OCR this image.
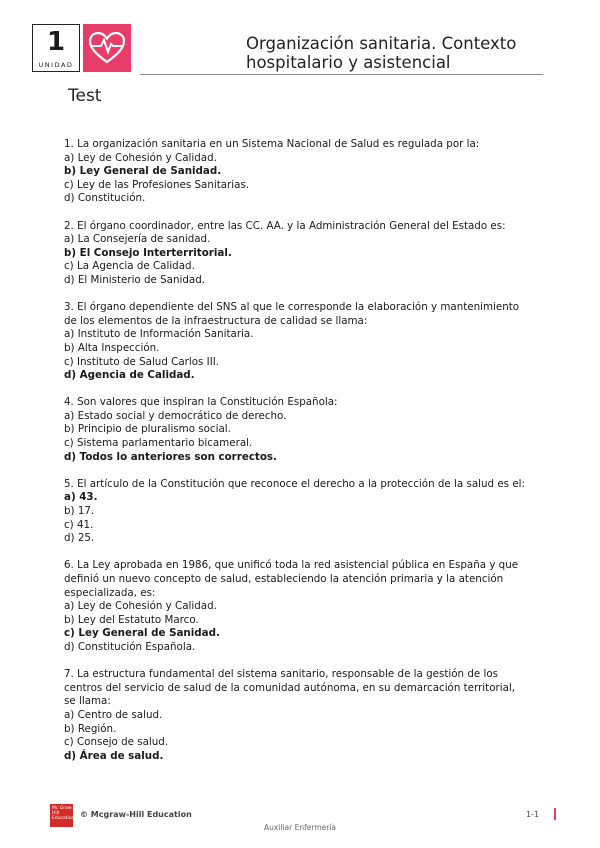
1
UNIDAD
Organización sanitaria. Contexto
hospitalario y asistencial
Test
1. La organización sanitaria en un Sistema Nacional de Salud es regulada por la:
a) Ley de Cohesión y Calidad.
b) Ley General de Sanidad.
c) Ley de las Profesiones Sanitarias.
d) Constitución.
2. El órgano coordinador, entre las CC. AA. y la Administración General del Estado es:
a) La Consejería de sanidad.
b) El Consejo Interterritorial.
c) La Agencia de Calidad.
d) El Ministerio de Sanidad.
3. El órgano dependiente del SNS al que le corresponde la elaboración y mantenimiento
de los elementos de la infraestructura de calidad se llama:
a) Instituto de Información Sanitaria.
b) Alta Inspección.
c) Instituto de Salud Carlos III.
d) Agencia de Calidad.
4. Son valores que inspiran la Constitución Española:
a) Estado social y democrático de derecho.
b) Principio de pluralismo social.
c) Sistema parlamentario bicameral.
d) Todos lo anteriores son correctos.
5. El artículo de la Constitución que reconoce el derecho a la protección de la salud es el:
a) 43.
b) 17.
c) 41.
d) 25.
6. La Ley aprobada en 1986, que unificó toda la red asistencial pública en España y que
definió un nuevo concepto de salud, estableciendo la atención primaria y la atención
especializada, es:
a) Ley de Cohesión y Calidad.
b) Ley del Estatuto Marco.
c) Ley General de Sanidad.
d) Constitución Española.
7. La estructura fundamental del sistema sanitario, responsable de la gestión de los
centros del servicio de salud de la comunidad autónoma, en su demarcación territorial,
se llama:
a) Centro de salud.
b) Región.
c) Consejo de salud.
d) Área de salud.
Mc Graw Hill Education © Mcgraw-Hill Education	1-1
Auxiliar Enfermería
